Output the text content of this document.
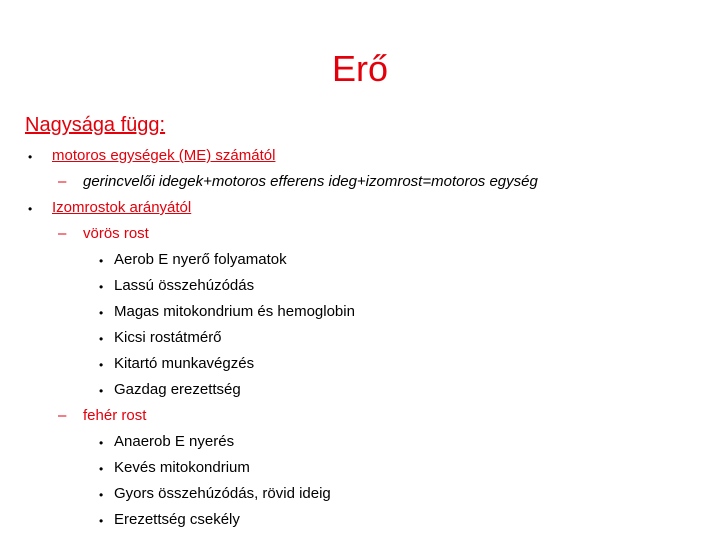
Erő
Nagysága függ:
• motoros egységek (ME) számától
– gerincvelői idegek+motoros efferens ideg+izomrost=motoros egység
• Izomrostok arányától
– vörös rost
• Aerob E nyerő folyamatok
• Lassú összehúzódás
• Magas mitokondrium és hemoglobin
• Kicsi rostátmérő
• Kitartó munkavégzés
• Gazdag erezettség
– fehér rost
• Anaerob E nyerés
• Kevés mitokondrium
• Gyors összehúzódás, rövid ideig
• Erezettség csekély
